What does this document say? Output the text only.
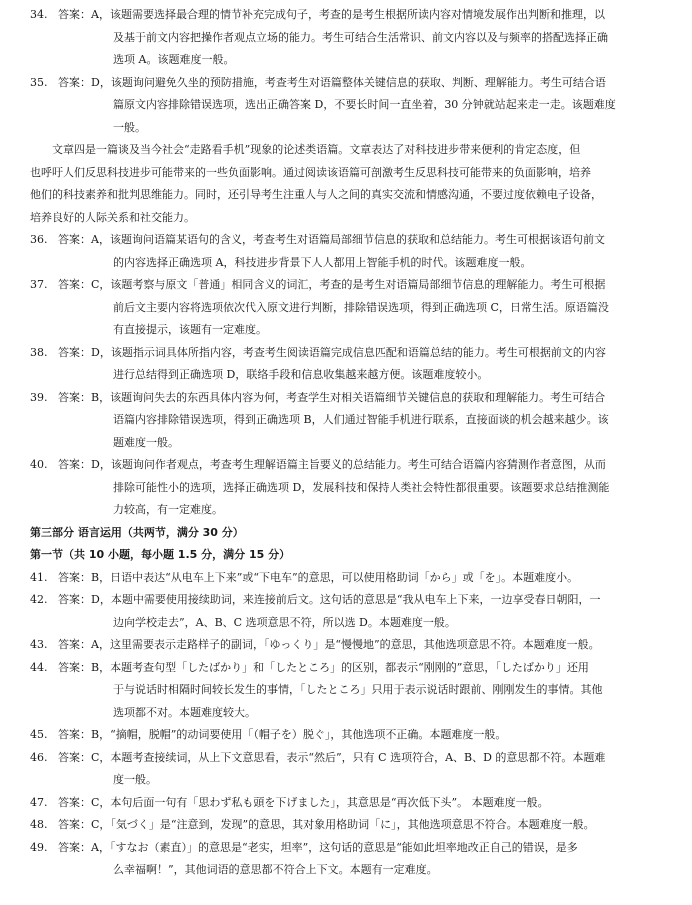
34. 答案：A，该题需要选择最合理的情节补充完成句子，考查的是考生根据所读内容对情境发展作出判断和推理，以
及基于前文内容把操作者观点立场的能力。考生可结合生活常识、前文内容以及与频率的搭配选择正确
选项 A。该题难度一般。
35. 答案：D，该题询问避免久坐的预防措施，考查考生对语篇整体关键信息的获取、判断、理解能力。考生可结合语
篇原文内容排除错误选项，选出正确答案 D，不要长时间一直坐着，30 分钟就站起来走一走。该题难度
一般。
文章四是一篇谈及当今社会“走路看手机”现象的论述类语篇。文章表达了对科技进步带来便利的肯定态度，但
也呼吁人们反思科技进步可能带来的一些负面影响。通过阅读该语篇可剖激考生反思科技可能带来的负面影响，培养
他们的科技素养和批判思维能力。同时，还引导考生注重人与人之间的真实交流和情感沟通，不要过度依赖电子设备，
培养良好的人际关系和社交能力。
36. 答案：A，该题询问语篇某语句的含义，考查考生对语篇局部细节信息的获取和总结能力。考生可根据该语句前文
的内容选择正确选项 A，科技进步背景下人人都用上智能手机的时代。该题难度一般。
37. 答案：C，该题考察与原文「普通」相同含义的词汇，考查的是考生对语篇局部细节信息的理解能力。考生可根据
前后文主要内容将选项依次代入原文进行判断，排除错误选项，得到正确选项 C，日常生活。原语篇没
有直接提示，该题有一定难度。
38. 答案：D，该题指示词具体所指内容，考查考生阅读语篇完成信息匹配和语篇总结的能力。考生可根据前文的内容
进行总结得到正确选项 D，联络手段和信息收集越来越方便。该题难度较小。
39. 答案：B，该题询问失去的东西具体内容为何，考查学生对相关语篇细节关键信息的获取和理解能力。考生可结合
语篇内容排除错误选项，得到正确选项 B，人们通过智能手机进行联系，直接面谈的机会越来越少。该
题难度一般。
40. 答案：D，该题询问作者观点，考查考生理解语篇主旨要义的总结能力。考生可结合语篇内容猜测作者意图，从而
排除可能性小的选项，选择正确选项 D，发展科技和保持人类社会特性都很重要。该题要求总结推测能
力较高，有一定难度。
第三部分 语言运用（共两节，满分 30 分）
第一节（共 10 小题，每小题 1.5 分，满分 15 分）
41. 答案：B，日语中表达“从电车上下来”或“下电车”的意思，可以使用格助词「から」或「を」。本题难度小。
42. 答案：D，本题中需要使用接续助词，来连接前后文。这句话的意思是“我从电车上下来，一边享受春日朝阳，一
边向学校走去”，A、B、C 选项意思不符，所以选 D。本题难度一般。
43. 答案：A，这里需要表示走路样子的副词，「ゆっくり」是“慢慢地”的意思，其他选项意思不符。本题难度一般。
44. 答案：B，本题考查句型「したばかり」和「したところ」的区别，都表示“刚刚的”意思，「したばかり」还用
于与说话时相隔时间较长发生的事情，「したところ」只用于表示说话时跟前、刚刚发生的事情。其他
选项都不对。本题难度较大。
45. 答案：B，“摘帽，脱帽”的动词要使用「（帽子を）脱ぐ」，其他选项不正确。本题难度一般。
46. 答案：C，本题考查接续词，从上下文意思看，表示“然后”，只有 C 选项符合，A、B、D 的意思都不符。本题难
度一般。
47. 答案：C，本句后面一句有「思わず私も頭を下げました」，其意思是“再次低下头”。 本题难度一般。
48. 答案：C，「気づく」是“注意到，发现”的意思，其对象用格助词「に」，其他选项意思不符合。本题难度一般。
49. 答案：A，「すなお（素直）」的意思是“老实，坦率”，这句话的意思是“能如此坦率地改正自己的错误，是多
么幸福啊！”，其他词语的意思都不符合上下文。本题有一定难度。
